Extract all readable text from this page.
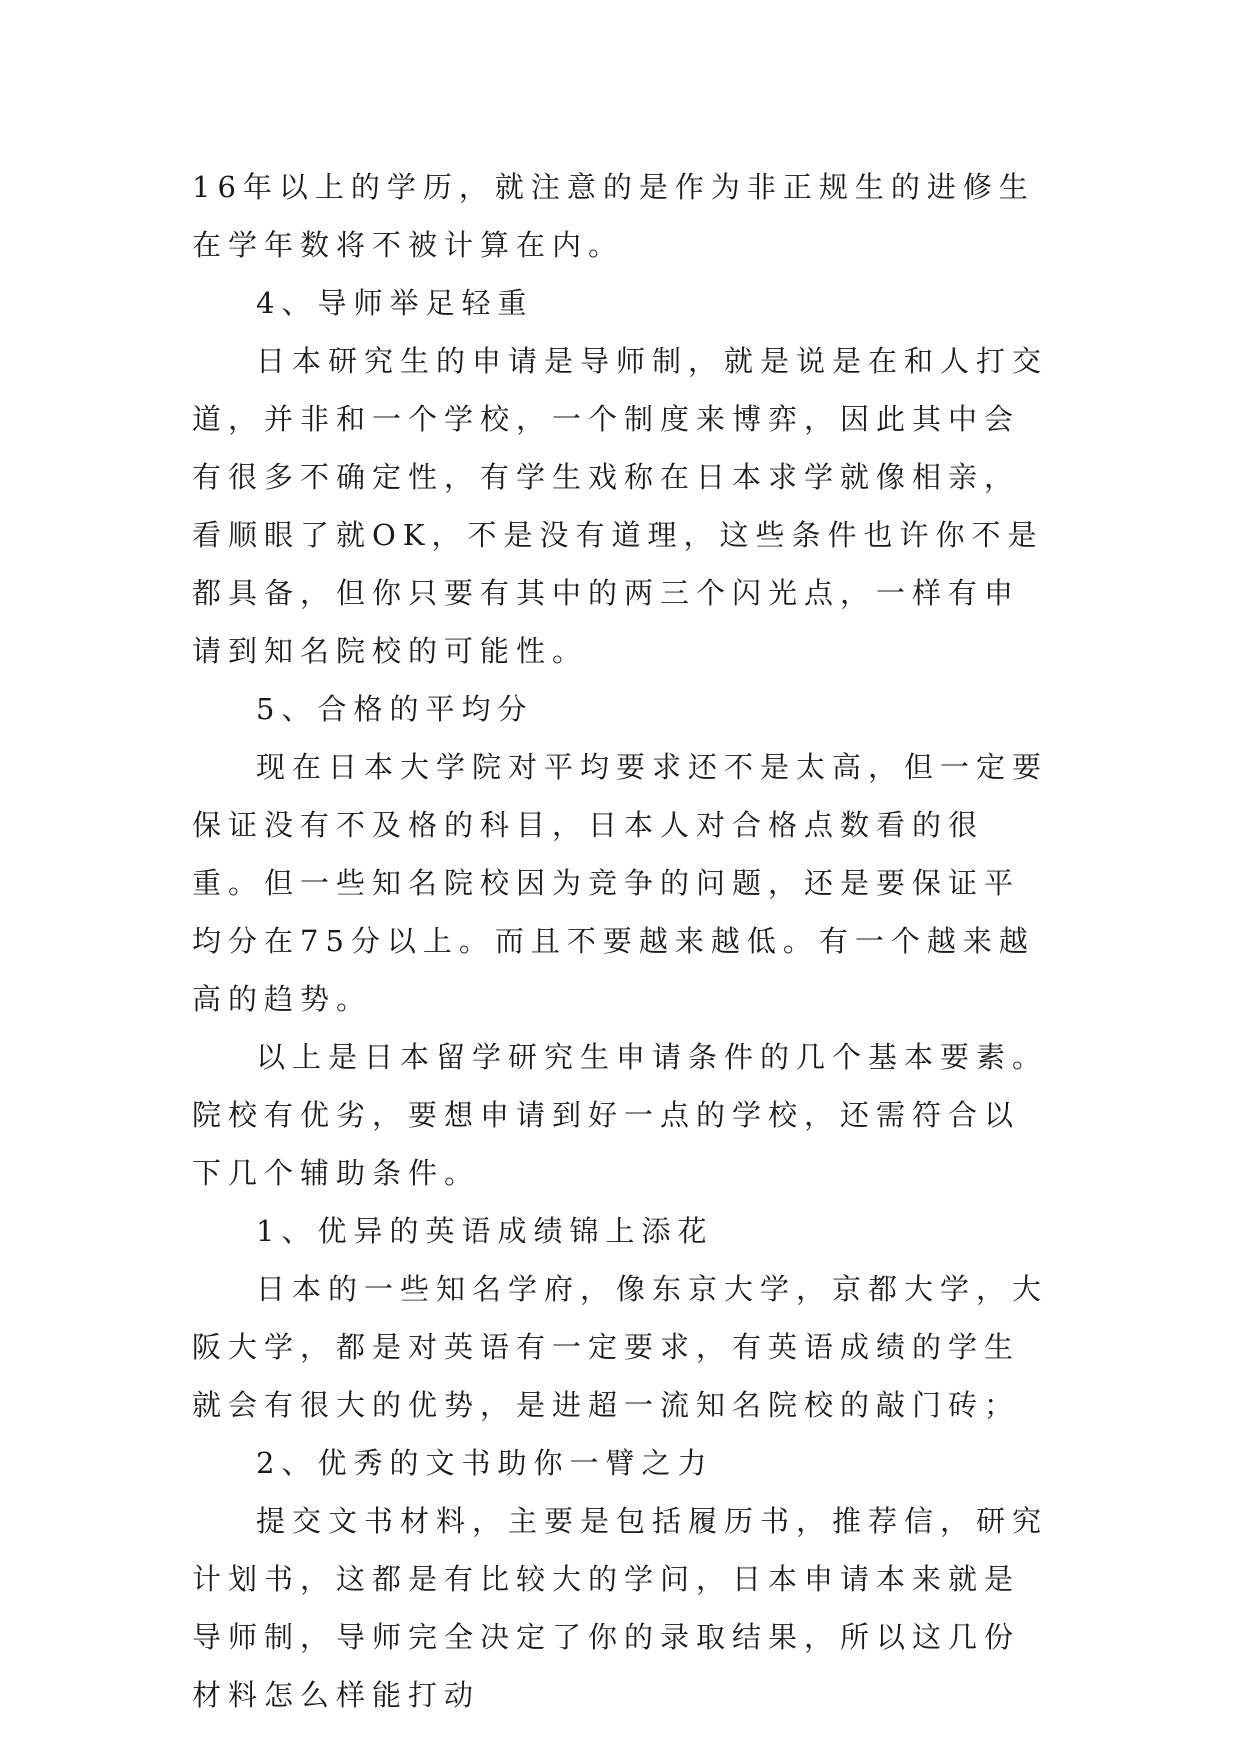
16年以上的学历，就注意的是作为非正规生的进修生在学年数将不被计算在内。

4、导师举足轻重

日本研究生的申请是导师制，就是说是在和人打交道，并非和一个学校，一个制度来博弈，因此其中会有很多不确定性，有学生戏称在日本求学就像相亲，看顺眼了就OK，不是没有道理，这些条件也许你不是都具备，但你只要有其中的两三个闪光点，一样有申请到知名院校的可能性。

5、合格的平均分

现在日本大学院对平均要求还不是太高，但一定要保证没有不及格的科目，日本人对合格点数看的很重。但一些知名院校因为竞争的问题，还是要保证平均分在75分以上。而且不要越来越低。有一个越来越高的趋势。

以上是日本留学研究生申请条件的几个基本要素。院校有优劣，要想申请到好一点的学校，还需符合以下几个辅助条件。

1、优异的英语成绩锦上添花

日本的一些知名学府，像东京大学，京都大学，大阪大学，都是对英语有一定要求，有英语成绩的学生就会有很大的优势，是进超一流知名院校的敲门砖；

2、优秀的文书助你一臂之力

提交文书材料，主要是包括履历书，推荐信，研究计划书，这都是有比较大的学问，日本申请本来就是导师制，导师完全决定了你的录取结果，所以这几份材料怎么样能打动
